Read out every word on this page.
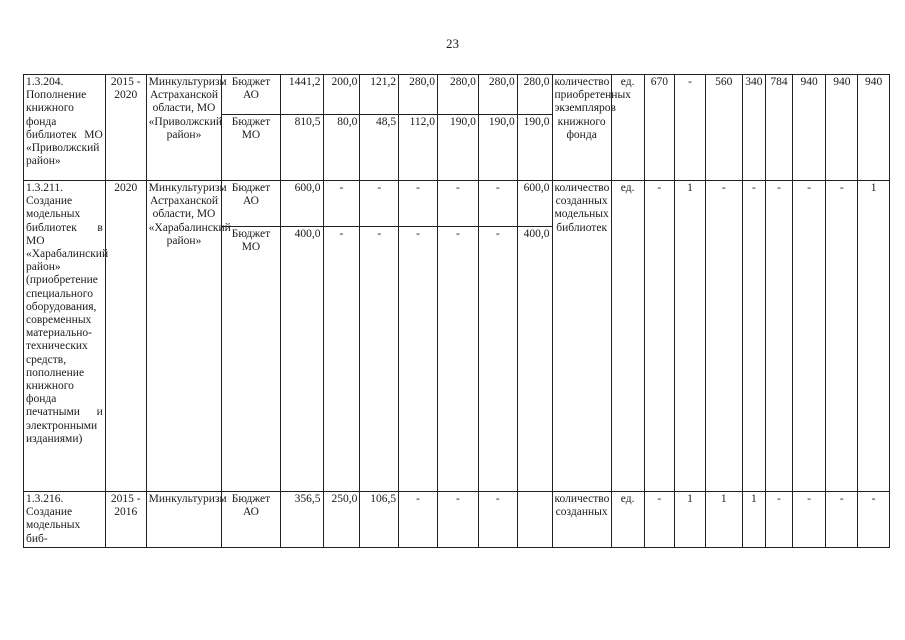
23
1.3.204. Пополнение книжного фонда библиотек МО «Приволжский район»	2015 - 2020	Минкультуризм Астраханской области, МО «Приволжский район»	Бюджет АО	1441,2	200,0	121,2	280,0	280,0	280,0	280,0	количество приобретенных экземпляров книжного фонда	ед.	670	-	560	340	784	940	940	940
			Бюджет МО	810,5	80,0	48,5	112,0	190,0	190,0	190,0										
1.3.211. Создание модельных библиотек в МО «Харабалинский район» (приобретение специального оборудования, современных материально-технических средств, пополнение книжного фонда печатными и электронными изданиями)	2020	Минкультуризм Астраханской области, МО «Харабалинский район»	Бюджет АО	600,0	-	-	-	-	-	600,0	количество созданных модельных библиотек	ед.	-	1	-	-	-	-	-	1
			Бюджет МО	400,0	-	-	-	-	-	400,0										
1.3.216. Создание модельных биб-	2015 - 2016	Минкультуризм	Бюджет АО	356,5	250,0	106,5	-	-	-		количество созданных	ед.	-	1	1	1	-	-	-	-
